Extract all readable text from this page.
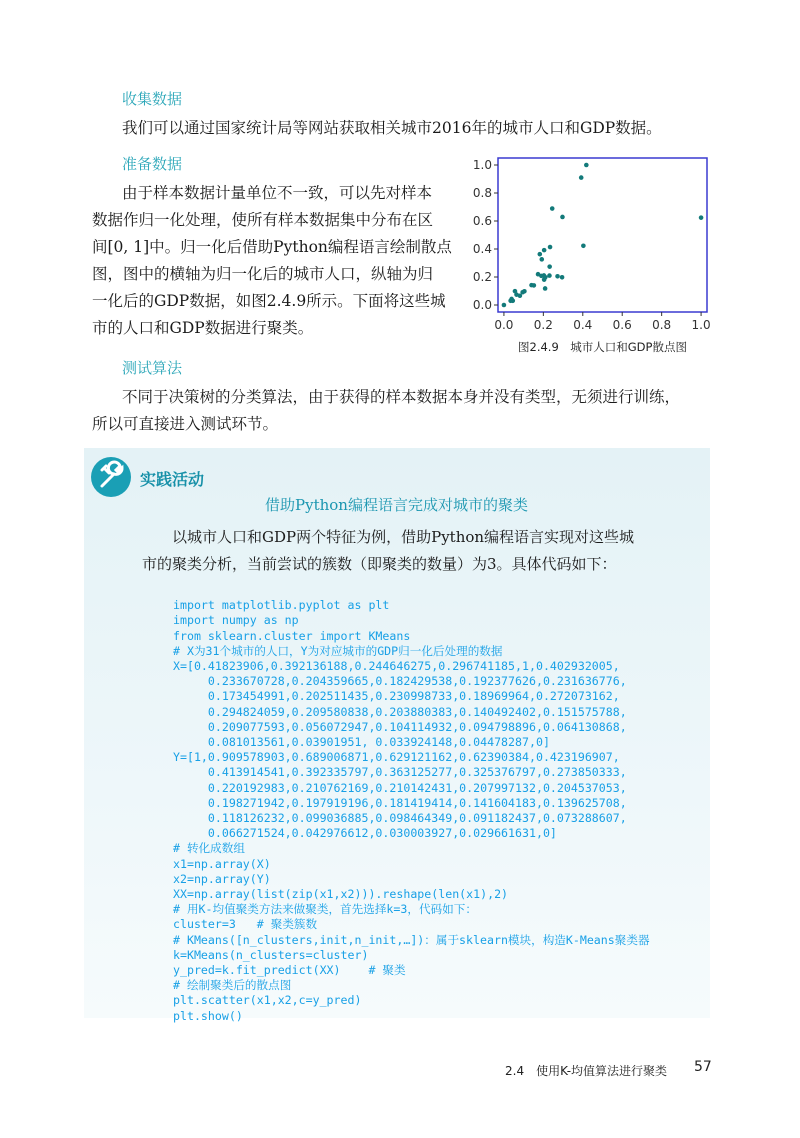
收集数据
我们可以通过国家统计局等网站获取相关城市2016年的城市人口和GDP数据。
准备数据
由于样本数据计量单位不一致，可以先对样本
数据作归一化处理，使所有样本数据集中分布在区
间[0, 1]中。归一化后借助Python编程语言绘制散点
图，图中的横轴为归一化后的城市人口，纵轴为归
一化后的GDP数据，如图2.4.9所示。下面将这些城
市的人口和GDP数据进行聚类。	0.0 0.2 0.4 0.6 0.8 1.0
0.0
0.2
0.4
0.6
0.8
1.0
图2.4.9　城市人口和GDP散点图
测试算法
不同于决策树的分类算法，由于获得的样本数据本身并没有类型，无须进行训练，
所以可直接进入测试环节。
实践活动
借助Python编程语言完成对城市的聚类
以城市人口和GDP两个特征为例，借助Python编程语言实现对这些城
市的聚类分析，当前尝试的簇数（即聚类的数量）为3。具体代码如下：

import matplotlib.pyplot as plt
import numpy as np
from sklearn.cluster import KMeans
# X为31个城市的人口，Y为对应城市的GDP归一化后处理的数据
X=[0.41823906,0.392136188,0.244646275,0.296741185,1,0.402932005,
0.233670728,0.204359665,0.182429538,0.192377626,0.231636776,
0.173454991,0.202511435,0.230998733,0.18969964,0.272073162,
0.294824059,0.209580838,0.203880383,0.140492402,0.151575788,
0.209077593,0.056072947,0.104114932,0.094798896,0.064130868,
0.081013561,0.03901951, 0.033924148,0.04478287,0]
Y=[1,0.909578903,0.689006871,0.629121162,0.62390384,0.423196907,
0.413914541,0.392335797,0.363125277,0.325376797,0.273850333,
0.220192983,0.210762169,0.210142431,0.207997132,0.204537053,
0.198271942,0.197919196,0.181419414,0.141604183,0.139625708,
0.118126232,0.099036885,0.098464349,0.091182437,0.073288607,
0.066271524,0.042976612,0.030003927,0.029661631,0]
# 转化成数组
x1=np.array(X)
x2=np.array(Y)
XX=np.array(list(zip(x1,x2))).reshape(len(x1),2)
# 用K-均值聚类方法来做聚类，首先选择k=3，代码如下：
cluster=3   # 聚类簇数
# KMeans([n_clusters,init,n_init,…])：属于sklearn模块，构造K-Means聚类器
k=KMeans(n_clusters=cluster)
y_pred=k.fit_predict(XX)    # 聚类
# 绘制聚类后的散点图
plt.scatter(x1,x2,c=y_pred)
plt.show()

2.4　使用K-均值算法进行聚类 57
